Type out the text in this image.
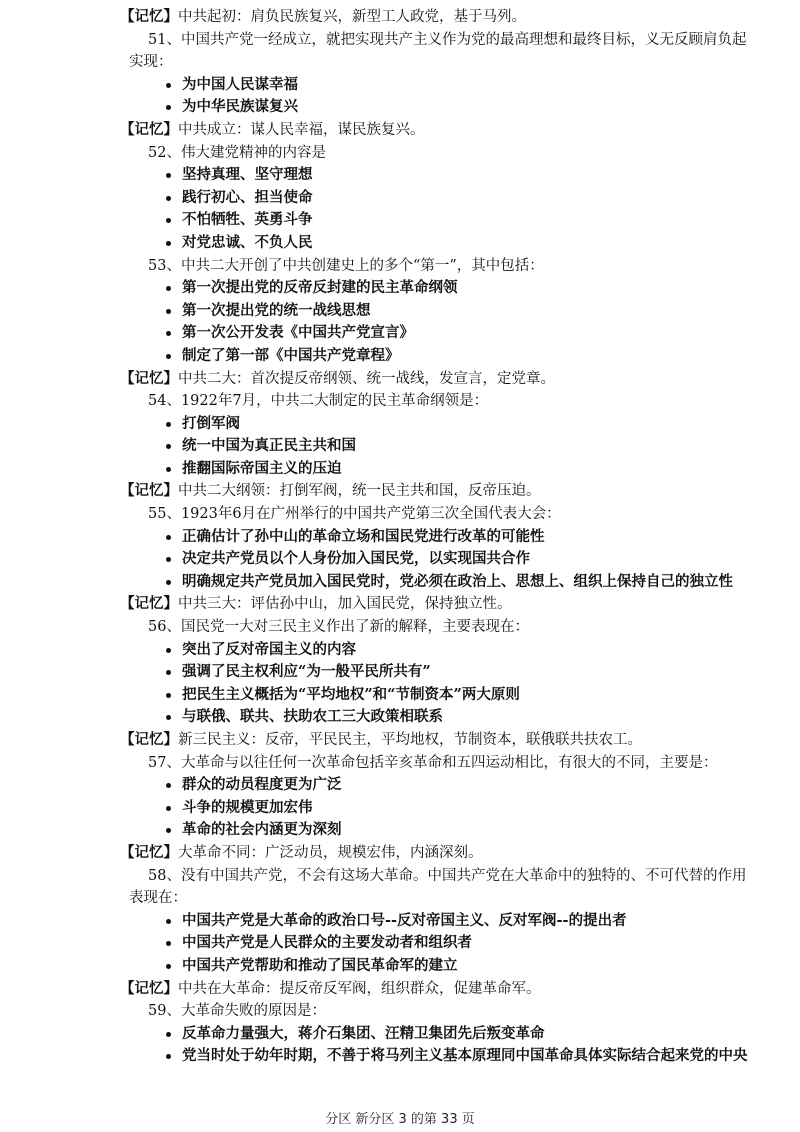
【记忆】中共起初：肩负民族复兴，新型工人政党，基于马列。
51、中国共产党一经成立，就把实现共产主义作为党的最高理想和最终目标，义无反顾肩负起
实现：
为中国人民谋幸福
为中华民族谋复兴
【记忆】中共成立：谋人民幸福，谋民族复兴。
52、伟大建党精神的内容是
坚持真理、坚守理想
践行初心、担当使命
不怕牺牲、英勇斗争
对党忠诚、不负人民
53、中共二大开创了中共创建史上的多个“第一”，其中包括：
第一次提出党的反帝反封建的民主革命纲领
第一次提出党的统一战线思想
第一次公开发表《中国共产党宣言》
制定了第一部《中国共产党章程》
【记忆】中共二大：首次提反帝纲领、统一战线，发宣言，定党章。
54、1922年7月，中共二大制定的民主革命纲领是：
打倒军阀
统一中国为真正民主共和国
推翻国际帝国主义的压迫
【记忆】中共二大纲领：打倒军阀，统一民主共和国，反帝压迫。
55、1923年6月在广州举行的中国共产党第三次全国代表大会：
正确估计了孙中山的革命立场和国民党进行改革的可能性
决定共产党员以个人身份加入国民党，以实现国共合作
明确规定共产党员加入国民党时，党必须在政治上、思想上、组织上保持自己的独立性
【记忆】中共三大：评估孙中山，加入国民党，保持独立性。
56、国民党一大对三民主义作出了新的解释，主要表现在：
突出了反对帝国主义的内容
强调了民主权利应“为一般平民所共有”
把民生主义概括为“平均地权”和“节制资本”两大原则
与联俄、联共、扶助农工三大政策相联系
【记忆】新三民主义：反帝，平民民主，平均地权，节制资本，联俄联共扶农工。
57、大革命与以往任何一次革命包括辛亥革命和五四运动相比，有很大的不同，主要是：
群众的动员程度更为广泛
斗争的规模更加宏伟
革命的社会内涵更为深刻
【记忆】大革命不同：广泛动员，规模宏伟，内涵深刻。
58、没有中国共产党，不会有这场大革命。中国共产党在大革命中的独特的、不可代替的作用
表现在：
中国共产党是大革命的政治口号--反对帝国主义、反对军阀--的提出者
中国共产党是人民群众的主要发动者和组织者
中国共产党帮助和推动了国民革命军的建立
【记忆】中共在大革命：提反帝反军阀，组织群众，促建革命军。
59、大革命失败的原因是：
反革命力量强大，蒋介石集团、汪精卫集团先后叛变革命
党当时处于幼年时期，不善于将马列主义基本原理同中国革命具体实际结合起来党的中央
分区 新分区 3 的第 33 页
